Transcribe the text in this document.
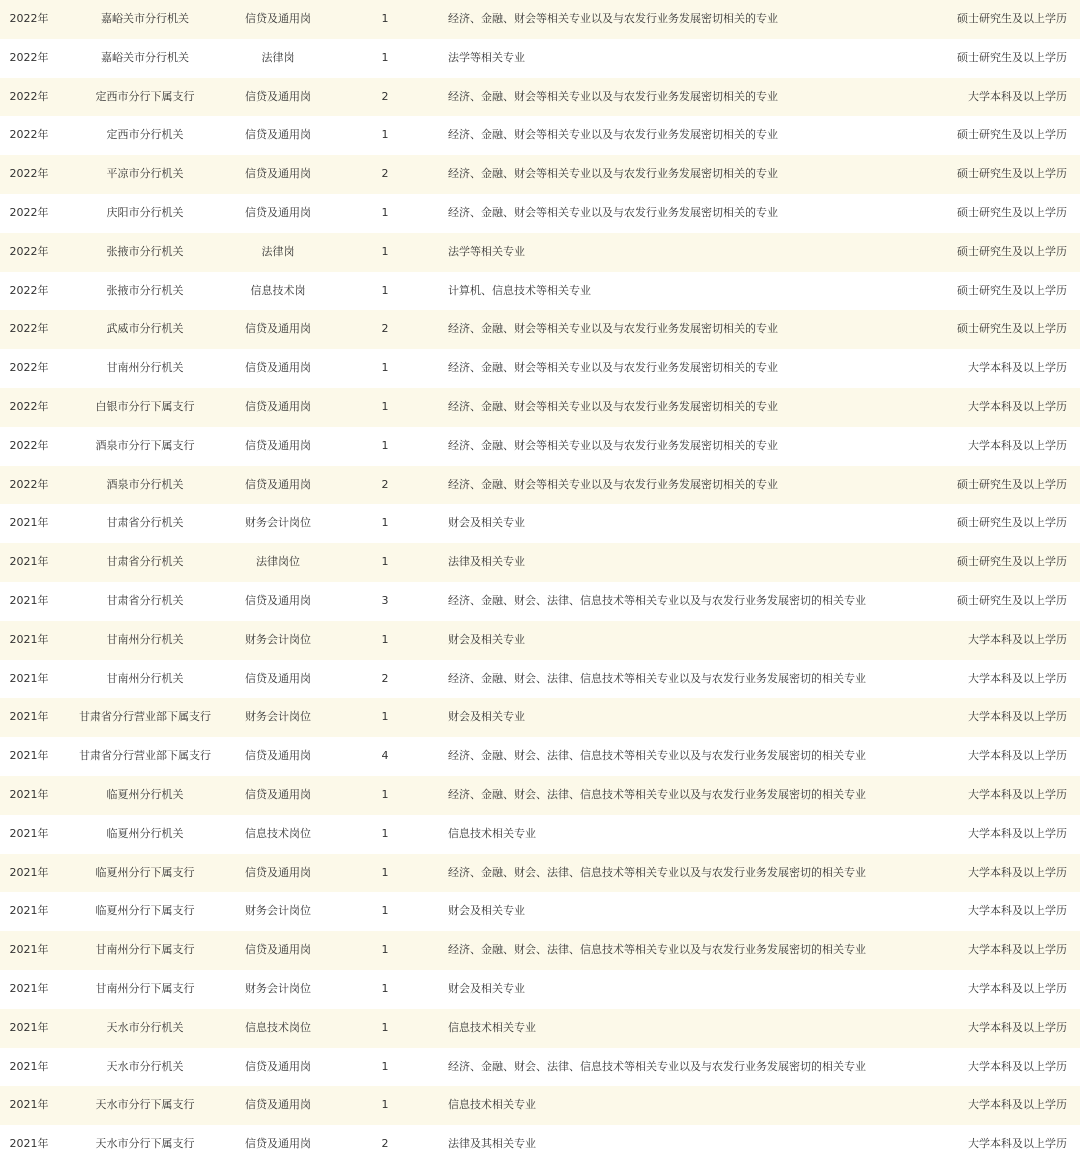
2022年	嘉峪关市分行机关	信贷及通用岗	1	经济、金融、财会等相关专业以及与农发行业务发展密切相关的专业	硕士研究生及以上学历
2022年	嘉峪关市分行机关	法律岗	1	法学等相关专业	硕士研究生及以上学历
2022年	定西市分行下属支行	信贷及通用岗	2	经济、金融、财会等相关专业以及与农发行业务发展密切相关的专业	大学本科及以上学历
2022年	定西市分行机关	信贷及通用岗	1	经济、金融、财会等相关专业以及与农发行业务发展密切相关的专业	硕士研究生及以上学历
2022年	平凉市分行机关	信贷及通用岗	2	经济、金融、财会等相关专业以及与农发行业务发展密切相关的专业	硕士研究生及以上学历
2022年	庆阳市分行机关	信贷及通用岗	1	经济、金融、财会等相关专业以及与农发行业务发展密切相关的专业	硕士研究生及以上学历
2022年	张掖市分行机关	法律岗	1	法学等相关专业	硕士研究生及以上学历
2022年	张掖市分行机关	信息技术岗	1	计算机、信息技术等相关专业	硕士研究生及以上学历
2022年	武威市分行机关	信贷及通用岗	2	经济、金融、财会等相关专业以及与农发行业务发展密切相关的专业	硕士研究生及以上学历
2022年	甘南州分行机关	信贷及通用岗	1	经济、金融、财会等相关专业以及与农发行业务发展密切相关的专业	大学本科及以上学历
2022年	白银市分行下属支行	信贷及通用岗	1	经济、金融、财会等相关专业以及与农发行业务发展密切相关的专业	大学本科及以上学历
2022年	酒泉市分行下属支行	信贷及通用岗	1	经济、金融、财会等相关专业以及与农发行业务发展密切相关的专业	大学本科及以上学历
2022年	酒泉市分行机关	信贷及通用岗	2	经济、金融、财会等相关专业以及与农发行业务发展密切相关的专业	硕士研究生及以上学历
2021年	甘肃省分行机关	财务会计岗位	1	财会及相关专业	硕士研究生及以上学历
2021年	甘肃省分行机关	法律岗位	1	法律及相关专业	硕士研究生及以上学历
2021年	甘肃省分行机关	信贷及通用岗	3	经济、金融、财会、法律、信息技术等相关专业以及与农发行业务发展密切的相关专业	硕士研究生及以上学历
2021年	甘南州分行机关	财务会计岗位	1	财会及相关专业	大学本科及以上学历
2021年	甘南州分行机关	信贷及通用岗	2	经济、金融、财会、法律、信息技术等相关专业以及与农发行业务发展密切的相关专业	大学本科及以上学历
2021年	甘肃省分行营业部下属支行	财务会计岗位	1	财会及相关专业	大学本科及以上学历
2021年	甘肃省分行营业部下属支行	信贷及通用岗	4	经济、金融、财会、法律、信息技术等相关专业以及与农发行业务发展密切的相关专业	大学本科及以上学历
2021年	临夏州分行机关	信贷及通用岗	1	经济、金融、财会、法律、信息技术等相关专业以及与农发行业务发展密切的相关专业	大学本科及以上学历
2021年	临夏州分行机关	信息技术岗位	1	信息技术相关专业	大学本科及以上学历
2021年	临夏州分行下属支行	信贷及通用岗	1	经济、金融、财会、法律、信息技术等相关专业以及与农发行业务发展密切的相关专业	大学本科及以上学历
2021年	临夏州分行下属支行	财务会计岗位	1	财会及相关专业	大学本科及以上学历
2021年	甘南州分行下属支行	信贷及通用岗	1	经济、金融、财会、法律、信息技术等相关专业以及与农发行业务发展密切的相关专业	大学本科及以上学历
2021年	甘南州分行下属支行	财务会计岗位	1	财会及相关专业	大学本科及以上学历
2021年	天水市分行机关	信息技术岗位	1	信息技术相关专业	大学本科及以上学历
2021年	天水市分行机关	信贷及通用岗	1	经济、金融、财会、法律、信息技术等相关专业以及与农发行业务发展密切的相关专业	大学本科及以上学历
2021年	天水市分行下属支行	信贷及通用岗	1	信息技术相关专业	大学本科及以上学历
2021年	天水市分行下属支行	信贷及通用岗	2	法律及其相关专业	大学本科及以上学历
